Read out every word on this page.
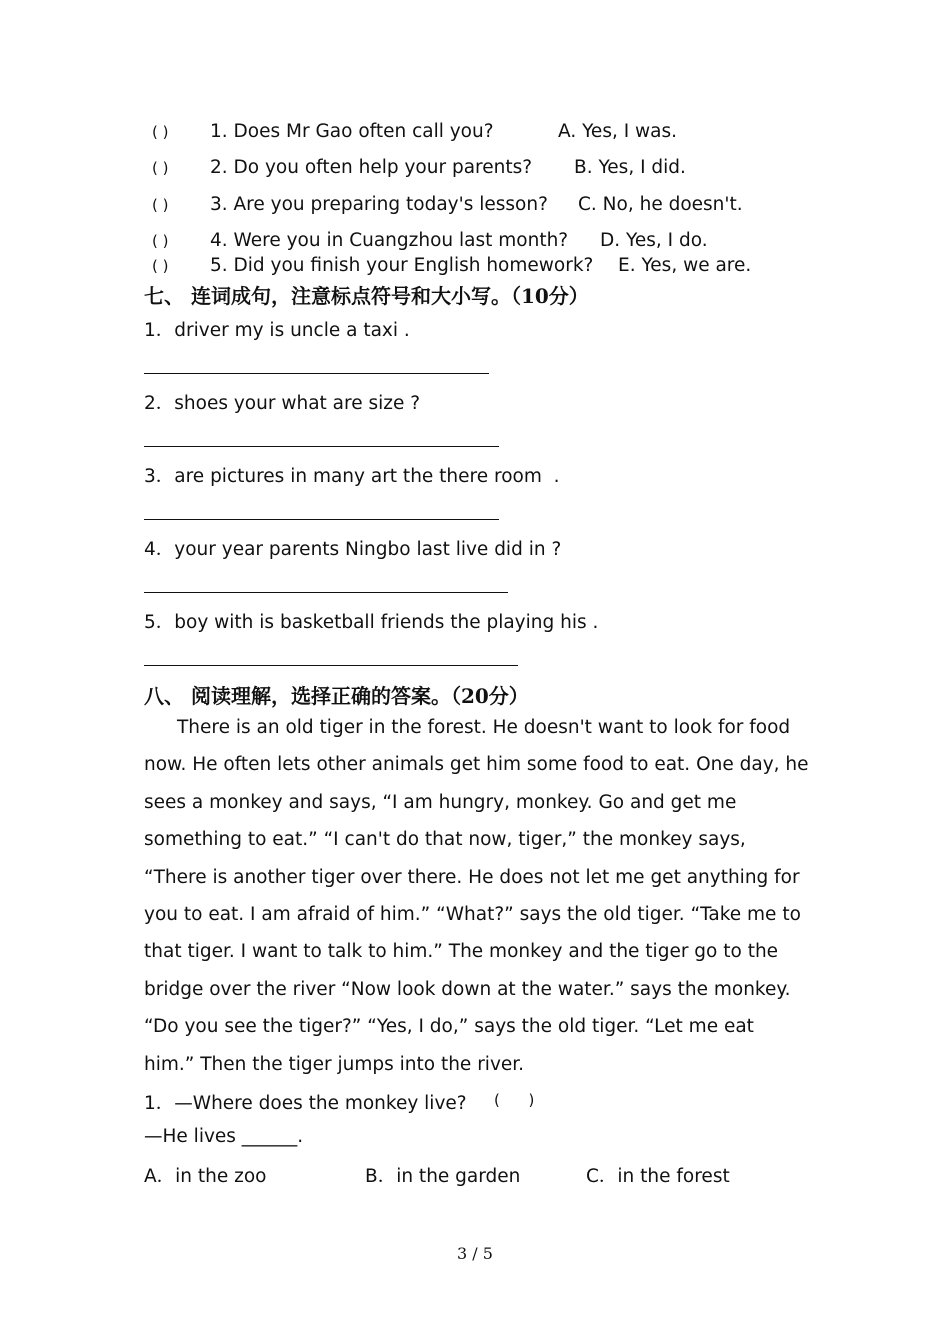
( ) 1. Does Mr Gao often call you?	A. Yes, I was.
( ) 2. Do you often help your parents? B. Yes, I did.
( ) 3. Are you preparing today's lesson? C. No, he doesn't.
( ) 4. Were you in Cuangzhou last month? D. Yes, I do.
( ) 5. Did you finish your English homework? E. Yes, we are.
七、 连词成句，注意标点符号和大小写。（10分）
1．driver my is uncle a taxi .
2．shoes your what are size ?
3．are pictures in many art the there room  .
4．your year parents Ningbo last live did in ?
5．boy with is basketball friends the playing his .
八、 阅读理解，选择正确的答案。（20分）
There is an old tiger in the forest. He doesn't want to look for food now. He often lets other animals get him some food to eat. One day, he sees a monkey and says, “I am hungry, monkey. Go and get me something to eat.” “I can't do that now, tiger,” the monkey says, “There is another tiger over there. He does not let me get anything for you to eat. I am afraid of him.” “What?” says the old tiger. “Take me to that tiger. I want to talk to him.” The monkey and the tiger go to the bridge over the river “Now look down at the water.” says the monkey. “Do you see the tiger?” “Yes, I do,” says the old tiger. “Let me eat him.” Then the tiger jumps into the river.
1．—Where does the monkey live? (      )
—He lives ______.
A．in the zoo	B．in the garden	C．in the forest
3 / 5
